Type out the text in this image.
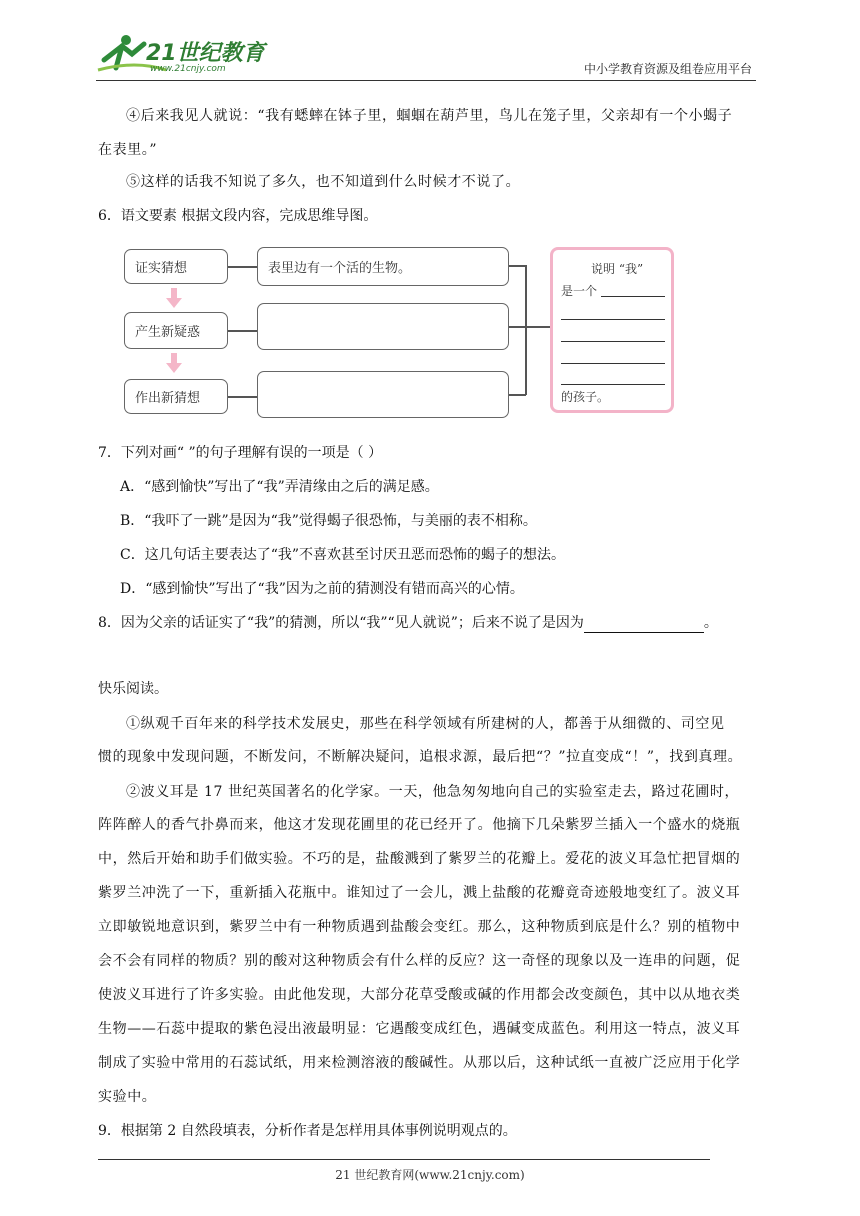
21世纪教育
www.21cnjy.com	中小学教育资源及组卷应用平台
④后来我见人就说：“我有蟋蟀在钵子里，蝈蝈在葫芦里，鸟儿在笼子里，父亲却有一个小蝎子
在表里。”
⑤这样的话我不知说了多久，也不知道到什么时候才不说了。
6．语文要素 根据文段内容，完成思维导图。
证实猜想
产生新疑惑
作出新猜想
表里边有一个活的生物。	说明 “我”
是一个
的孩子。
7．下列对画“ ”的句子理解有误的一项是（ ）
A．“感到愉快”写出了“我”弄清缘由之后的满足感。
B．“我吓了一跳”是因为“我”觉得蝎子很恐怖，与美丽的表不相称。
C．这几句话主要表达了“我”不喜欢甚至讨厌丑恶而恐怖的蝎子的想法。
D．“感到愉快”写出了“我”因为之前的猜测没有错而高兴的心情。
8．因为父亲的话证实了“我”的猜测，所以“我”“见人就说”；后来不说了是因为	。
快乐阅读。
①纵观千百年来的科学技术发展史，那些在科学领域有所建树的人，都善于从细微的、司空见
惯的现象中发现问题，不断发问，不断解决疑问，追根求源，最后把“？”拉直变成“！”，找到真理。
②波义耳是 17 世纪英国著名的化学家。一天，他急匆匆地向自己的实验室走去，路过花圃时，
阵阵醉人的香气扑鼻而来，他这才发现花圃里的花已经开了。他摘下几朵紫罗兰插入一个盛水的烧瓶
中，然后开始和助手们做实验。不巧的是，盐酸溅到了紫罗兰的花瓣上。爱花的波义耳急忙把冒烟的
紫罗兰冲洗了一下，重新插入花瓶中。谁知过了一会儿，溅上盐酸的花瓣竟奇迹般地变红了。波义耳
立即敏锐地意识到，紫罗兰中有一种物质遇到盐酸会变红。那么，这种物质到底是什么？别的植物中
会不会有同样的物质？别的酸对这种物质会有什么样的反应？这一奇怪的现象以及一连串的问题，促
使波义耳进行了许多实验。由此他发现，大部分花草受酸或碱的作用都会改变颜色，其中以从地衣类
生物——石蕊中提取的紫色浸出液最明显：它遇酸变成红色，遇碱变成蓝色。利用这一特点，波义耳
制成了实验中常用的石蕊试纸，用来检测溶液的酸碱性。从那以后，这种试纸一直被广泛应用于化学
实验中。
9．根据第 2 自然段填表，分析作者是怎样用具体事例说明观点的。
21 世纪教育网(www.21cnjy.com)
